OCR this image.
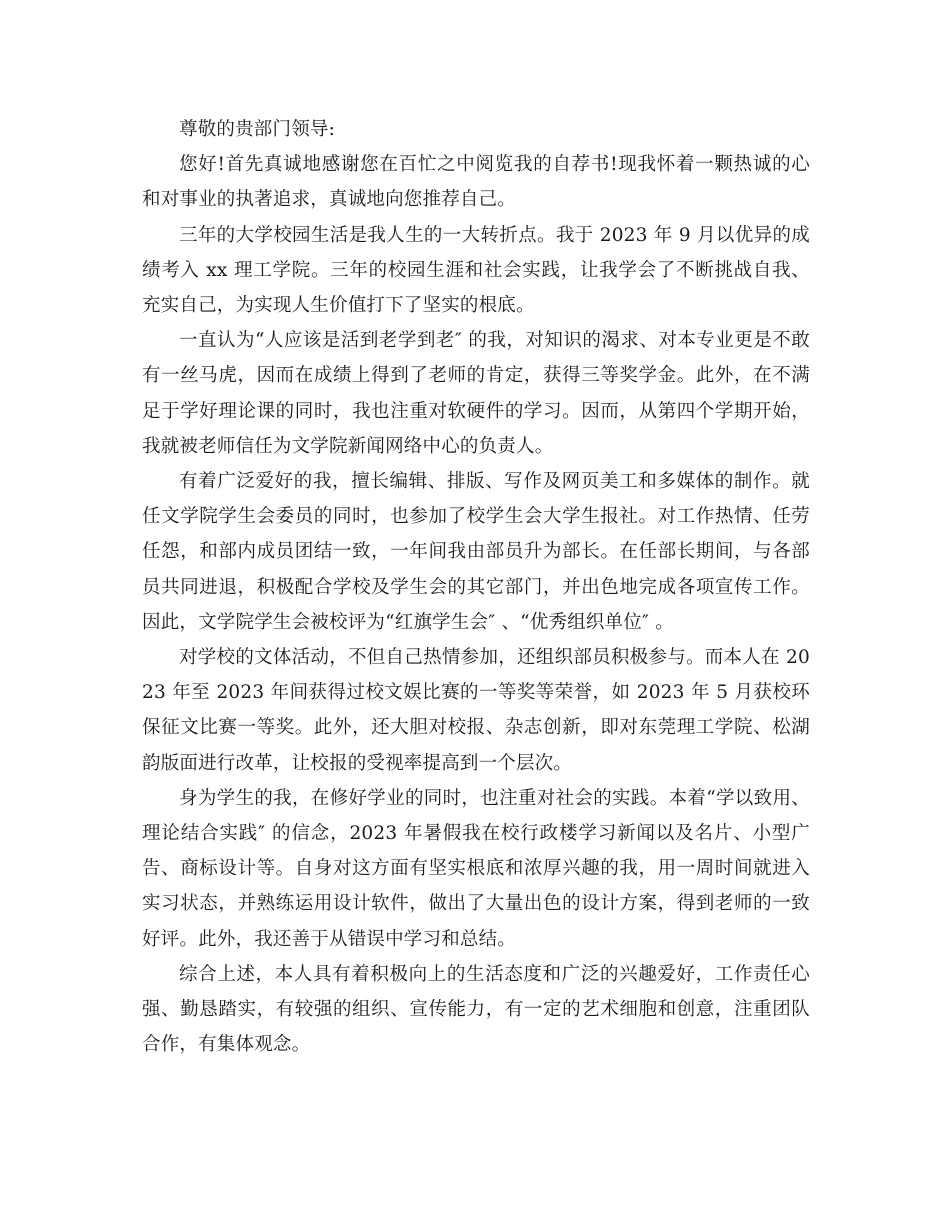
尊敬的贵部门领导:

您好!首先真诚地感谢您在百忙之中阅览我的自荐书!现我怀着一颗热诚的心和对事业的执著追求，真诚地向您推荐自己。

三年的大学校园生活是我人生的一大转折点。我于 2023 年 9 月以优异的成绩考入 xx 理工学院。三年的校园生涯和社会实践，让我学会了不断挑战自我、充实自己，为实现人生价值打下了坚实的根底。

一直认为“人应该是活到老学到老″ 的我，对知识的渴求、对本专业更是不敢有一丝马虎，因而在成绩上得到了老师的肯定，获得三等奖学金。此外，在不满足于学好理论课的同时，我也注重对软硬件的学习。因而，从第四个学期开始，我就被老师信任为文学院新闻网络中心的负责人。

有着广泛爱好的我，擅长编辑、排版、写作及网页美工和多媒体的制作。就任文学院学生会委员的同时，也参加了校学生会大学生报社。对工作热情、任劳任怨，和部内成员团结一致，一年间我由部员升为部长。在任部长期间，与各部员共同进退，积极配合学校及学生会的其它部门，并出色地完成各项宣传工作。因此，文学院学生会被校评为“红旗学生会″ 、“优秀组织单位″ 。

对学校的文体活动，不但自己热情参加，还组织部员积极参与。而本人在 2023 年至 2023 年间获得过校文娱比赛的一等奖等荣誉，如 2023 年 5 月获校环保征文比赛一等奖。此外，还大胆对校报、杂志创新，即对东莞理工学院、松湖韵版面进行改革，让校报的受视率提高到一个层次。

身为学生的我，在修好学业的同时，也注重对社会的实践。本着“学以致用、理论结合实践″ 的信念，2023 年暑假我在校行政楼学习新闻以及名片、小型广告、商标设计等。自身对这方面有坚实根底和浓厚兴趣的我，用一周时间就进入实习状态，并熟练运用设计软件，做出了大量出色的设计方案，得到老师的一致好评。此外，我还善于从错误中学习和总结。

综合上述，本人具有着积极向上的生活态度和广泛的兴趣爱好，工作责任心强、勤恳踏实，有较强的组织、宣传能力，有一定的艺术细胞和创意，注重团队合作，有集体观念。
